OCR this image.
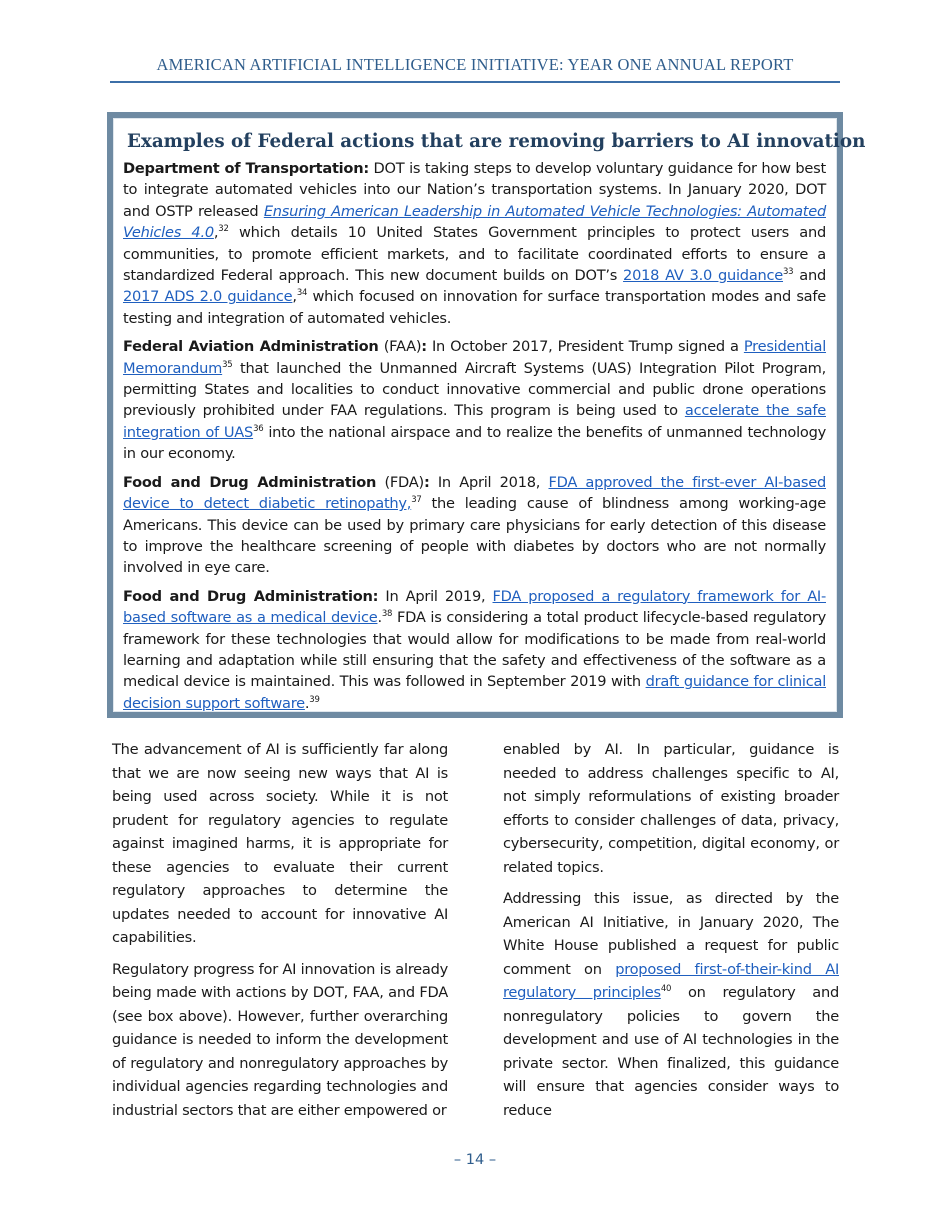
AMERICAN ARTIFICIAL INTELLIGENCE INITIATIVE: YEAR ONE ANNUAL REPORT
Examples of Federal actions that are removing barriers to AI innovation

Department of Transportation: DOT is taking steps to develop voluntary guidance for how best to integrate automated vehicles into our Nation’s transportation systems. In January 2020, DOT and OSTP released Ensuring American Leadership in Automated Vehicle Technologies: Automated Vehicles 4.0,32 which details 10 United States Government principles to protect users and communities, to promote efficient markets, and to facilitate coordinated efforts to ensure a standardized Federal approach. This new document builds on DOT’s 2018 AV 3.0 guidance$^{33}$ and 2017 ADS 2.0 guidance,$^{34}$ which focused on innovation for surface transportation modes and safe testing and integration of automated vehicles.

Federal Aviation Administration (FAA): In October 2017, President Trump signed a Presidential Memorandum$^{35}$ that launched the Unmanned Aircraft Systems (UAS) Integration Pilot Program, permitting States and localities to conduct innovative commercial and public drone operations previously prohibited under FAA regulations. This program is being used to accelerate the safe integration of UAS$^{36}$ into the national airspace and to realize the benefits of unmanned technology in our economy.

Food and Drug Administration (FDA): In April 2018, FDA approved the first-ever AI-based device to detect diabetic retinopathy,$^{37}$ the leading cause of blindness among working-age Americans. This device can be used by primary care physicians for early detection of this disease to improve the healthcare screening of people with diabetes by doctors who are not normally involved in eye care.

Food and Drug Administration: In April 2019, FDA proposed a regulatory framework for AI-based software as a medical device.$^{38}$ FDA is considering a total product lifecycle-based regulatory framework for these technologies that would allow for modifications to be made from real-world learning and adaptation while still ensuring that the safety and effectiveness of the software as a medical device is maintained. This was followed in September 2019 with draft guidance for clinical decision support software.$^{39}$

The advancement of AI is sufficiently far along that we are now seeing new ways that AI is being used across society. While it is not prudent for regulatory agencies to regulate against imagined harms, it is appropriate for these agencies to evaluate their current regulatory approaches to determine the updates needed to account for innovative AI capabilities.

Regulatory progress for AI innovation is already being made with actions by DOT, FAA, and FDA (see box above). However, further overarching guidance is needed to inform the development of regulatory and nonregulatory approaches by individual agencies regarding technologies and industrial sectors that are either empowered or

enabled by AI. In particular, guidance is needed to address challenges specific to AI, not simply reformulations of existing broader efforts to consider challenges of data, privacy, cybersecurity, competition, digital economy, or related topics.

Addressing this issue, as directed by the American AI Initiative, in January 2020, The White House published a request for public comment on proposed first-of-their-kind AI regulatory principles$^{40}$ on regulatory and nonregulatory policies to govern the development and use of AI technologies in the private sector. When finalized, this guidance will ensure that agencies consider ways to reduce

– 14 –
